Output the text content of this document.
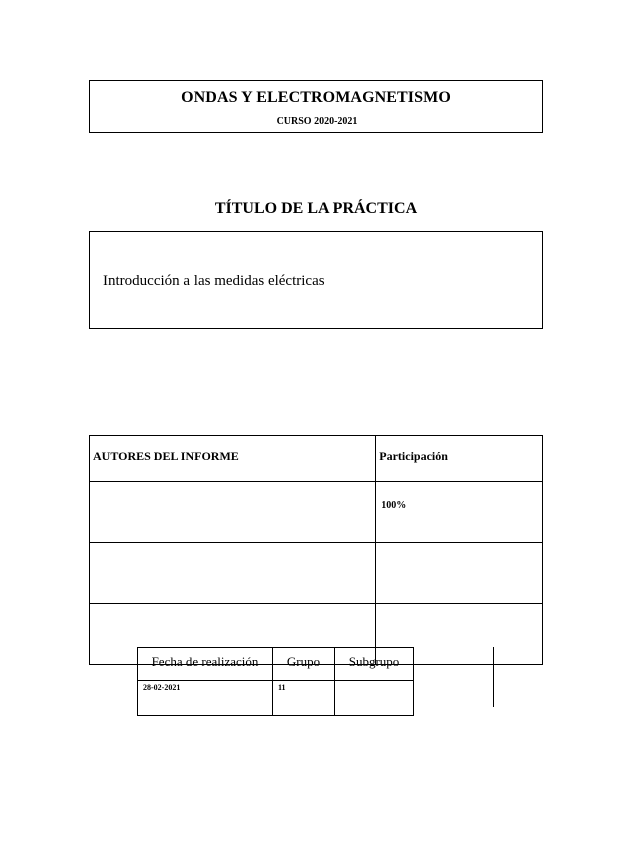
ONDAS Y ELECTROMAGNETISMO
CURSO 2020-2021
TÍTULO DE LA PRÁCTICA
Introducción a las medidas eléctricas
AUTORES DEL INFORME	Participación
	100%

Fecha de realización	Grupo	Subgrupo
28-02-2021	11	
